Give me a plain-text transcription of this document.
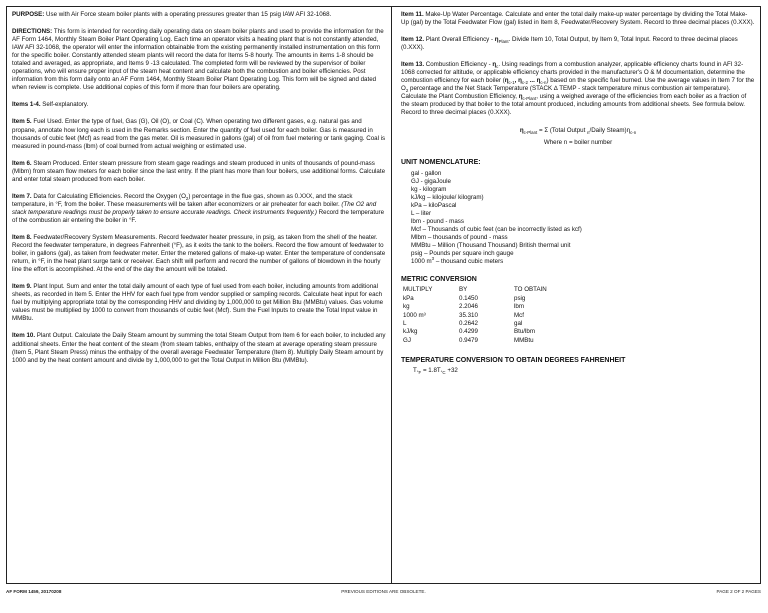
PURPOSE: Use with Air Force steam boiler plants with a operating pressures greater than 15 psig IAW AFI 32-1068.

DIRECTIONS: This form is intended for recording daily operating data on steam boiler plants and used to provide the information for the AF Form 1464, Monthly Steam Boiler Plant Operating Log. Each time an operator visits a heating plant that is not constantly attended, IAW AFI 32-1068, the operator will enter the information obtainable from the existing permanently installed instrumentation on this form for the specific boiler. Constantly attended steam plants will record the data for Items 5-8 hourly. The amounts in items 1-8 should be totaled and averaged, as appropriate, and Items 9 -13 calculated. The completed form will be reviewed by the supervisor of boiler operations, who will ensure proper input of the steam heat content and calculate both the combustion and boiler efficiencies. Post information from this form daily onto an AF Form 1464, Monthly Steam Boiler Plant Operating Log. This form will be signed and dated when review is complete. Use additional copies of this form if more than four boilers are operating.

Items 1-4. Self-explanatory.

Item 5. Fuel Used. Enter the type of fuel, Gas (G), Oil (O), or Coal (C). When operating two different gases, e.g. natural gas and propane, annotate how long each is used in the Remarks section. Enter the quantity of fuel used for each boiler. Gas is measured in thousands of cubic feet (Mcf) as read from the gas meter. Oil is measured in gallons (gal) of oil from fuel metering or tank gaging. Coal is measured in pound-mass (lbm) of coal burned from actual weighing or estimated use.

Item 6. Steam Produced. Enter steam pressure from steam gage readings and steam produced in units of thousands of pound-mass (Mlbm) from steam flow meters for each boiler since the last entry. If the plant has more than four boilers, use additional forms. Calculate and enter total steam produced from each boiler.

Item 7. Data for Calculating Efficiencies. Record the Oxygen $(O_2)$ percentage in the flue gas, shown as 0.XXX, and the stack temperature, in °F, from the boiler. These measurements will be taken after economizers or air preheater for each boiler. (The O2 and stack temperature readings must be properly taken to ensure accurate readings. Check instruments frequently.) Record the temperature of the combustion air entering the boiler in °F.

Item 8. Feedwater/Recovery System Measurements. Record feedwater heater pressure, in psig, as taken from the shell of the heater. Record the feedwater temperature, in degrees Fahrenheit (°F), as it exits the tank to the boilers. Record the flow amount of feedwater to boiler, in gallons (gal), as taken from feedwater meter. Enter the metered gallons of make-up water. Enter the temperature of condensate return, in °F, in the heat plant surge tank or receiver. Each shift will perform and record the number of gallons of blowdown in the hourly line the effort is accomplished. At the end of the day the amount will be totaled.

Item 9. Plant Input. Sum and enter the total daily amount of each type of fuel used from each boiler, including amounts from additional sheets, as recorded in Item 5. Enter the HHV for each fuel type from vendor supplied or sampling records. Calculate heat input for each fuel by multiplying appropriate total by the corresponding HHV and dividing by 1,000,000 to get Million Btu (MMBtu) values. Gas volume values must be multiplied by 1000 to convert from thousands of cubic feet (Mcf). Sum the Fuel Inputs to create the Total Input value in MMBtu.

Item 10. Plant Output. Calculate the Daily Steam amount by summing the total Steam Output from Item 6 for each boiler, to included any additional sheets. Enter the heat content of the steam (from steam tables, enthalpy of the steam at average operating steam pressure (Item 5, Plant Steam Press) minus the enthalpy of the overall average Feedwater Temperature (Item 8). Multiply Daily Steam amount by 1000 and by the heat content amount and divide by 1,000,000 to get the Total Output in Million Btu (MMBtu).

Item 11. Make-Up Water Percentage. Calculate and enter the total daily make-up water percentage by dividing the Total Make-Up (gal) by the Total Feedwater Flow (gal) listed in Item 8, Feedwater/Recovery System. Record to three decimal places (0.XXX).

Item 12. Plant Overall Efficiency - $\eta_{Plant}$. Divide Item 10, Total Output, by Item 9, Total Input. Record to three decimal places (0.XXX).

Item 13. Combustion Efficiency - $\eta_c$. Using readings from a combustion analyzer, applicable efficiency charts found in AFI 32-1068 corrected for altitude, or applicable efficiency charts provided in the manufacturer's O & M documentation, determine the combustion efficiency for each boiler ($\eta_{c-1}$, $\eta_{c-2}$ ... $\eta_{c-n}$) based on the specific fuel burned. Use the average values in Item 7 for the $O_2$ percentage and the Net Stack Temperature (STACK ∆ TEMP - stack temperature minus combustion air temperature). Calculate the Plant Combustion Efficiency, $\eta_{c-Plant}$, using a weighed average of the efficiencies from each boiler as a fraction of the steam produced by that boiler to the total amount produced, including amounts from additional sheets. See formula below. Record to three decimal places (0.XXX).

$\eta_{c-Plant} = \Sigma$ (Total Output $_n$/Daily $Steam)\eta_{c-n}$
Where n = boiler number
UNIT NOMENCLATURE:
gal - gallon
GJ - gigaJoule
kg - kilogram
kJ/kg – kilojoule/ kilogram)
kPa – kiloPascal
L – liter
lbm - pound - mass
Mcf – Thousands of cubic feet (can be incorrectly listed as kcf)
Mlbm – thousands of pound - mass
MMBtu – Million (Thousand Thousand) British thermal unit
psig – Pounds per square inch gauge
1000 $m^3$ – thousand cubic meters
METRIC CONVERSION
MULTIPLY	BY	TO OBTAIN
kPa	0.1450	psig
kg	2.2046	lbm
1000 m³	35.310	Mcf
L	0.2642	gal
kJ/kg	0.4299	Btu/lbm
GJ	0.9479	MMBtu
TEMPERATURE CONVERSION TO OBTAIN DEGREES FAHRENHEIT
$T_{^\circ F} = 1.8T_{^\circ C} +32$
AF FORM 1459, 20170208	PREVIOUS EDITIONS ARE OBSOLETE.	PAGE 2 OF 2 PAGES
